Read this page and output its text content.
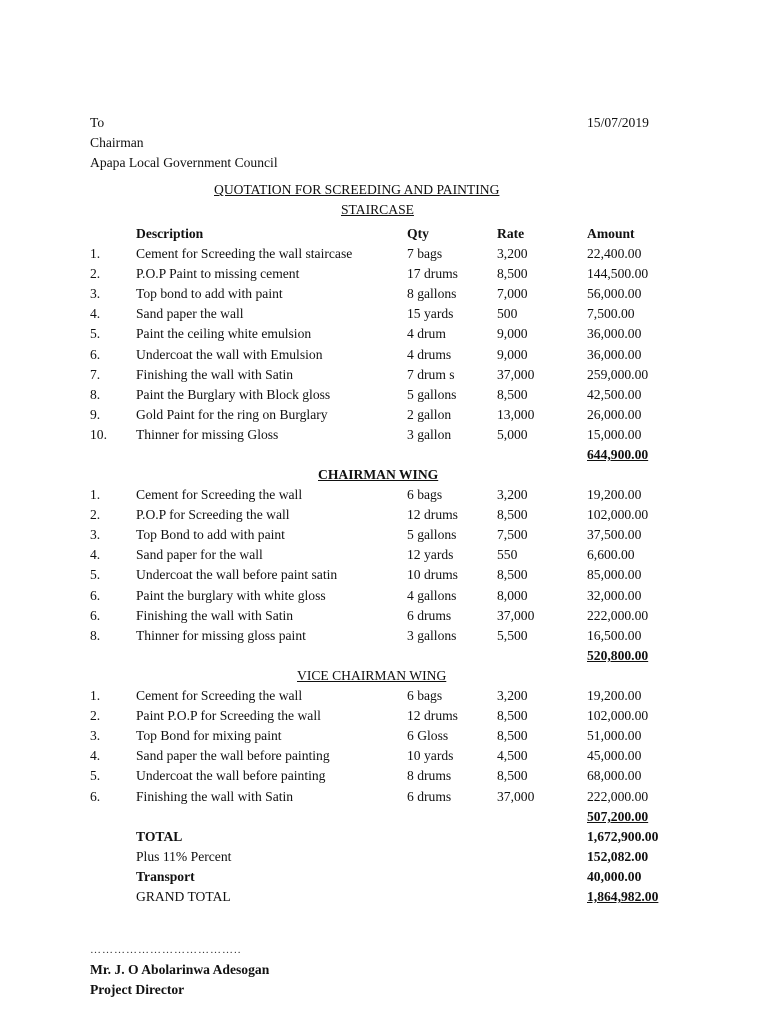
To	15/07/2019
Chairman
Apapa Local Government Council
QUOTATION FOR SCREEDING AND PAINTING
STAIRCASE
Description	Qty	Rate	Amount
1.	Cement for Screeding the wall staircase	7 bags	3,200	22,400.00
2.	P.O.P Paint to missing cement	17 drums	8,500	144,500.00
3.	Top bond to add with paint	8 gallons	7,000	56,000.00
4.	Sand paper the wall	15 yards	500	7,500.00
5.	Paint the ceiling white emulsion	4 drum	9,000	36,000.00
6.	Undercoat the wall with Emulsion	4 drums	9,000	36,000.00
7.	Finishing the wall with Satin	7 drum s	37,000	259,000.00
8.	Paint the Burglary with Block gloss	5 gallons	8,500	42,500.00
9.	Gold Paint for the ring on Burglary	2 gallon	13,000	26,000.00
10. Thinner for missing Gloss	3 gallon	5,000	15,000.00
644,900.00
CHAIRMAN WING
1.	Cement for Screeding the wall	6 bags	3,200	19,200.00
2.	P.O.P for Screeding the wall	12 drums	8,500	102,000.00
3.	Top Bond to add with paint	5 gallons	7,500	37,500.00
4.	Sand paper for the wall	12 yards	550	6,600.00
5.	Undercoat the wall before paint satin	10 drums	8,500	85,000.00
6.	Paint the burglary with white gloss	4 gallons	8,000	32,000.00
6.	Finishing the wall with Satin	6 drums	37,000	222,000.00
8.	Thinner for missing gloss paint	3 gallons	5,500	16,500.00
520,800.00
VICE CHAIRMAN WING
1.	Cement for Screeding the wall	6 bags	3,200	19,200.00
2.	Paint P.O.P for Screeding the wall	12 drums	8,500	102,000.00
3.	Top Bond for mixing paint	6 Gloss	8,500	51,000.00
4.	Sand paper the wall before painting	10 yards	4,500	45,000.00
5.	Undercoat the wall before painting	8 drums	8,500	68,000.00
6.	Finishing the wall with Satin	6 drums	37,000	222,000.00
507,200.00
TOTAL	1,672,900.00
Plus 11% Percent	152,082.00
Transport	40,000.00
GRAND TOTAL	1,864,982.00
………………………………..
Mr. J. O Abolarinwa Adesogan
Project Director
